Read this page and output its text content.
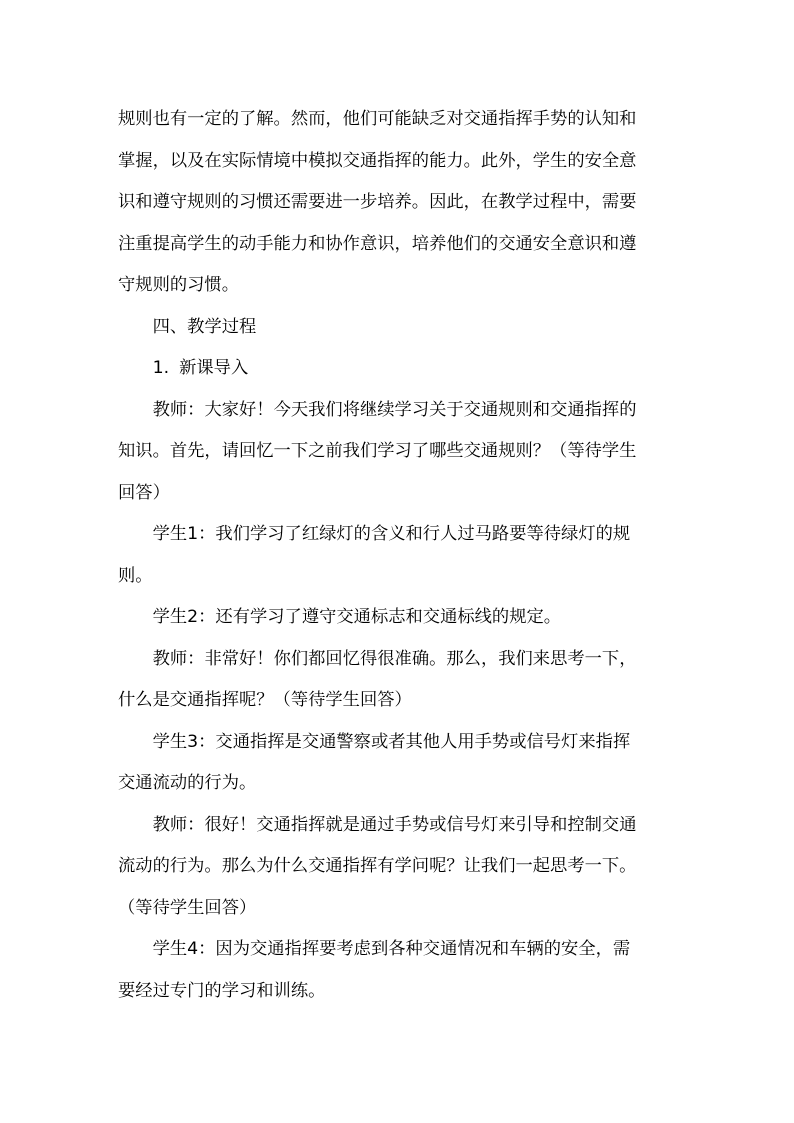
规则也有一定的了解。然而，他们可能缺乏对交通指挥手势的认知和
掌握，以及在实际情境中模拟交通指挥的能力。此外，学生的安全意
识和遵守规则的习惯还需要进一步培养。因此，在教学过程中，需要
注重提高学生的动手能力和协作意识，培养他们的交通安全意识和遵
守规则的习惯。

四、教学过程

1. 新课导入

教师：大家好！今天我们将继续学习关于交通规则和交通指挥的
知识。首先，请回忆一下之前我们学习了哪些交通规则？（等待学生
回答）

学生1：我们学习了红绿灯的含义和行人过马路要等待绿灯的规
则。

学生2：还有学习了遵守交通标志和交通标线的规定。

教师：非常好！你们都回忆得很准确。那么，我们来思考一下，
什么是交通指挥呢？（等待学生回答）

学生3：交通指挥是交通警察或者其他人用手势或信号灯来指挥
交通流动的行为。

教师：很好！交通指挥就是通过手势或信号灯来引导和控制交通
流动的行为。那么为什么交通指挥有学问呢？让我们一起思考一下。
（等待学生回答）

学生4：因为交通指挥要考虑到各种交通情况和车辆的安全，需
要经过专门的学习和训练。
